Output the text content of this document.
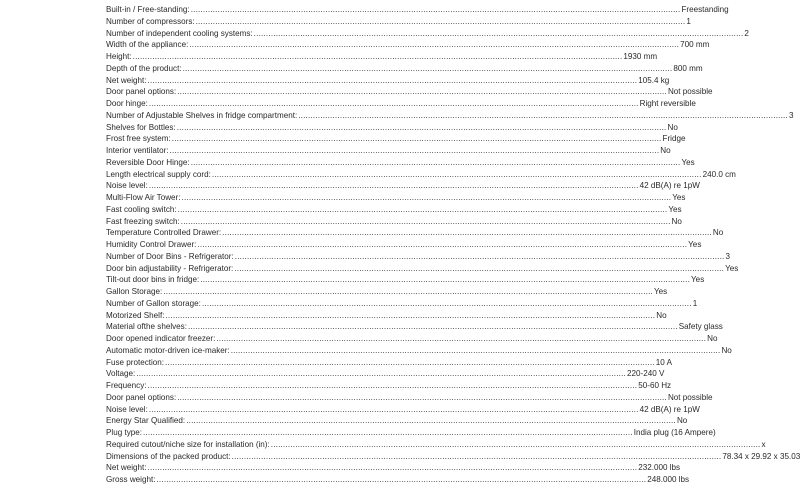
Built-in / Free-standing: ........................................................................................................................................................................................................ Freestanding
Number of compressors: ........................................................................................................................................................................................................ 1
Number of independent cooling systems: ........................................................................................................................................................................................................ 2
Width of the appliance: ........................................................................................................................................................................................................ 700 mm
Height: ........................................................................................................................................................................................................ 1930 mm
Depth of the product: ........................................................................................................................................................................................................ 800 mm
Net weight: ........................................................................................................................................................................................................ 105.4 kg
Door panel options: ........................................................................................................................................................................................................ Not possible
Door hinge: ........................................................................................................................................................................................................ Right reversible
Number of Adjustable Shelves in fridge compartment: ........................................................................................................................................................................................................ 3
Shelves for Bottles: ........................................................................................................................................................................................................ No
Frost free system: ........................................................................................................................................................................................................ Fridge
Interior ventilator: ........................................................................................................................................................................................................ No
Reversible Door Hinge: ........................................................................................................................................................................................................ Yes
Length electrical supply cord: ........................................................................................................................................................................................................ 240.0 cm
Noise level: ........................................................................................................................................................................................................ 42 dB(A) re 1pW
Multi-Flow Air Tower: ........................................................................................................................................................................................................ Yes
Fast cooling switch: ........................................................................................................................................................................................................ Yes
Fast freezing switch: ........................................................................................................................................................................................................ No
Temperature Controlled Drawer: ........................................................................................................................................................................................................ No
Humidity Control Drawer: ........................................................................................................................................................................................................ Yes
Number of Door Bins - Refrigerator: ........................................................................................................................................................................................................ 3
Door bin adjustability - Refrigerator: ........................................................................................................................................................................................................ Yes
Tilt-out door bins in fridge: ........................................................................................................................................................................................................ Yes
Gallon Storage: ........................................................................................................................................................................................................ Yes
Number of Gallon storage: ........................................................................................................................................................................................................ 1
Motorized Shelf: ........................................................................................................................................................................................................ No
Material ofthe shelves: ........................................................................................................................................................................................................ Safety glass
Door opened indicator freezer: ........................................................................................................................................................................................................ No
Automatic motor-driven ice-maker: ........................................................................................................................................................................................................ No
Fuse protection: ........................................................................................................................................................................................................ 10 A
Voltage: ........................................................................................................................................................................................................ 220-240 V
Frequency: ........................................................................................................................................................................................................ 50-60 Hz
Door panel options: ........................................................................................................................................................................................................ Not possible
Noise level: ........................................................................................................................................................................................................ 42 dB(A) re 1pW
Energy Star Qualified: ........................................................................................................................................................................................................ No
Plug type: ........................................................................................................................................................................................................ India plug (16 Ampere)
Required cutout/niche size for installation (in): ........................................................................................................................................................................................................ x
Dimensions of the packed product: ........................................................................................................................................................................................................ 78.34 x 29.92 x 35.03
Net weight: ........................................................................................................................................................................................................ 232.000 lbs
Gross weight: ........................................................................................................................................................................................................ 248.000 lbs
